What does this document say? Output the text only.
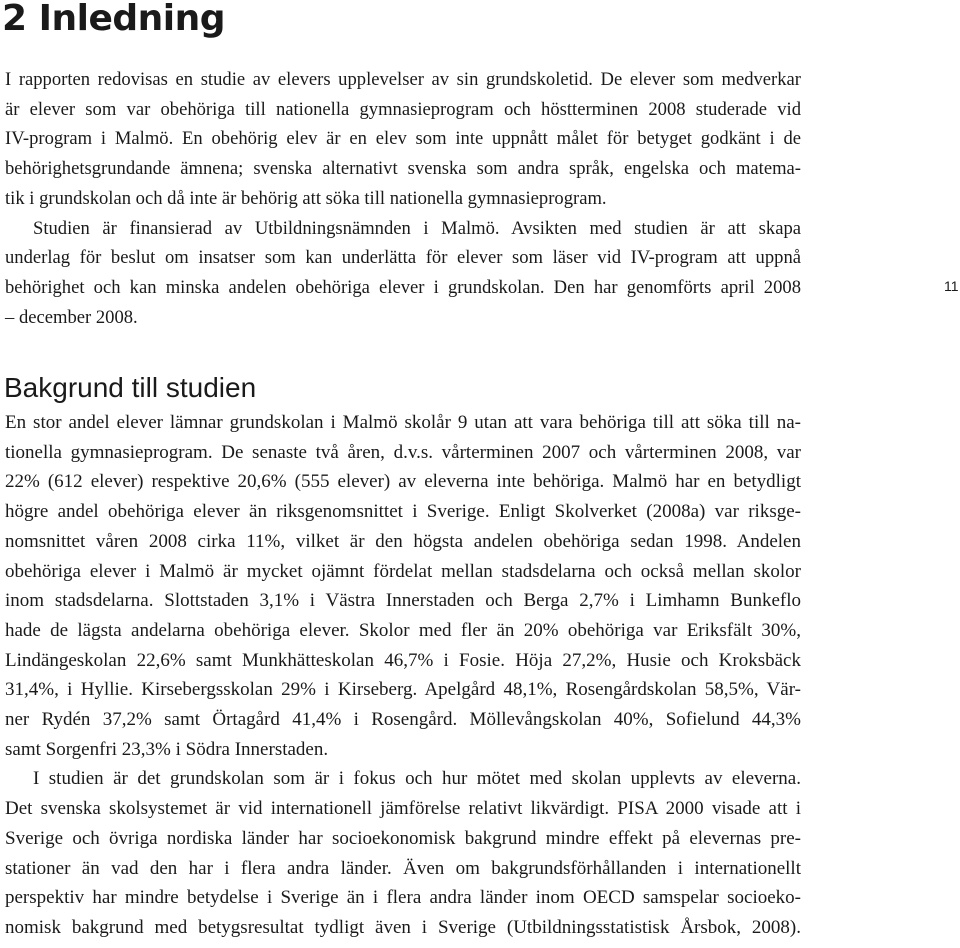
2 Inledning
11
I rapporten redovisas en studie av elevers upplevelser av sin grundskoletid. De elever som medverkar
är elever som var obehöriga till nationella gymnasieprogram och höstterminen 2008 studerade vid
IV-program i Malmö. En obehörig elev är en elev som inte uppnått målet för betyget godkänt i de
behörighetsgrundande ämnena; svenska alternativt svenska som andra språk, engelska och matema-
tik i grundskolan och då inte är behörig att söka till nationella gymnasieprogram.
Studien är finansierad av Utbildningsnämnden i Malmö. Avsikten med studien är att skapa
underlag för beslut om insatser som kan underlätta för elever som läser vid IV-program att uppnå
behörighet och kan minska andelen obehöriga elever i grundskolan. Den har genomförts april 2008
– december 2008.
Bakgrund till studien
En stor andel elever lämnar grundskolan i Malmö skolår 9 utan att vara behöriga till att söka till na-
tionella gymnasieprogram. De senaste två åren, d.v.s. vårterminen 2007 och vårterminen 2008, var
22% (612 elever) respektive 20,6% (555 elever) av eleverna inte behöriga. Malmö har en betydligt
högre andel obehöriga elever än riksgenomsnittet i Sverige. Enligt Skolverket (2008a) var riksge-
nomsnittet våren 2008 cirka 11%, vilket är den högsta andelen obehöriga sedan 1998. Andelen
obehöriga elever i Malmö är mycket ojämnt fördelat mellan stadsdelarna och också mellan skolor
inom stadsdelarna. Slottstaden 3,1% i Västra Innerstaden och Berga 2,7% i Limhamn Bunkeflo
hade de lägsta andelarna obehöriga elever. Skolor med fler än 20% obehöriga var Eriksfält 30%,
Lindängeskolan 22,6% samt Munkhätteskolan 46,7% i Fosie. Höja 27,2%, Husie och Kroksbäck
31,4%, i Hyllie. Kirsebergsskolan 29% i Kirseberg. Apelgård 48,1%, Rosengårdskolan 58,5%, Vär-
ner Rydén 37,2% samt Örtagård 41,4% i Rosengård. Möllevångskolan 40%, Sofielund 44,3%
samt Sorgenfri 23,3% i Södra Innerstaden.
I studien är det grundskolan som är i fokus och hur mötet med skolan upplevts av eleverna.
Det svenska skolsystemet är vid internationell jämförelse relativt likvärdigt. PISA 2000 visade att i
Sverige och övriga nordiska länder har socioekonomisk bakgrund mindre effekt på elevernas pre-
stationer än vad den har i flera andra länder. Även om bakgrundsförhållanden i internationellt
perspektiv har mindre betydelse i Sverige än i flera andra länder inom OECD samspelar socioeko-
nomisk bakgrund med betygsresultat tydligt även i Sverige (Utbildningsstatistisk Årsbok, 2008).
